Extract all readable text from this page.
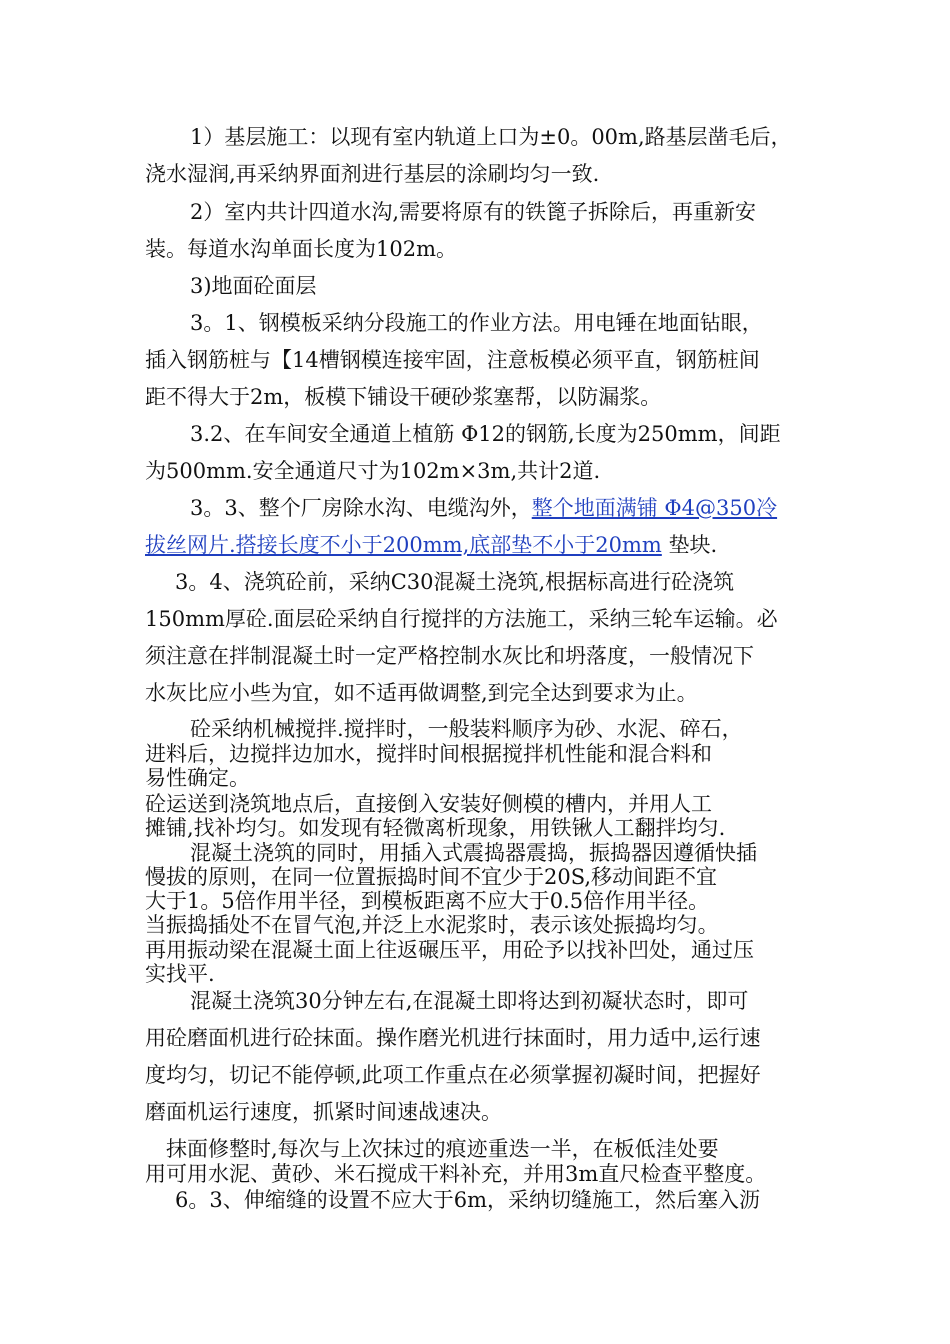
1）基层施工：以现有室内轨道上口为±0。00m,路基层凿毛后，
浇水湿润,再采纳界面剂进行基层的涂刷均匀一致.
2）室内共计四道水沟,需要将原有的铁篦子拆除后，再重新安
装。每道水沟单面长度为102m。
3)地面砼面层
3。1、钢模板采纳分段施工的作业方法。用电锤在地面钻眼，
插入钢筋桩与【14槽钢模连接牢固，注意板模必须平直，钢筋桩间
距不得大于2m，板模下铺设干硬砂浆塞帮，以防漏浆。
3.2、在车间安全通道上植筋 Φ12的钢筋,长度为250mm，间距
为500mm.安全通道尺寸为102m×3m,共计2道.
3。3、整个厂房除水沟、电缆沟外，整个地面满铺 Φ4@350冷
拔丝网片.搭接长度不小于200mm,底部垫不小于20mm 垫块.
3。4、浇筑砼前，采纳C30混凝土浇筑,根据标高进行砼浇筑
150mm厚砼.面层砼采纳自行搅拌的方法施工，采纳三轮车运输。必
须注意在拌制混凝土时一定严格控制水灰比和坍落度，一般情况下
水灰比应小些为宜，如不适再做调整,到完全达到要求为止。
砼采纳机械搅拌.搅拌时，一般装料顺序为砂、水泥、碎石，
进料后，边搅拌边加水，搅拌时间根据搅拌机性能和混合料和
易性确定。
砼运送到浇筑地点后，直接倒入安装好侧模的槽内，并用人工
摊铺,找补均匀。如发现有轻微离析现象，用铁锹人工翻拌均匀.
混凝土浇筑的同时，用插入式震捣器震捣，振捣器因遵循快插
慢拔的原则，在同一位置振捣时间不宜少于20S,移动间距不宜
大于1。5倍作用半径，到模板距离不应大于0.5倍作用半径。
当振捣插处不在冒气泡,并泛上水泥浆时，表示该处振捣均匀。
再用振动梁在混凝土面上往返碾压平，用砼予以找补凹处，通过压
实找平.
混凝土浇筑30分钟左右,在混凝土即将达到初凝状态时，即可
用砼磨面机进行砼抹面。操作磨光机进行抹面时，用力适中,运行速
度均匀，切记不能停顿,此项工作重点在必须掌握初凝时间，把握好
磨面机运行速度，抓紧时间速战速决。
抹面修整时,每次与上次抹过的痕迹重迭一半，在板低洼处要
用可用水泥、黄砂、米石搅成干料补充，并用3m直尺检查平整度。
6。3、伸缩缝的设置不应大于6m，采纳切缝施工，然后塞入沥
